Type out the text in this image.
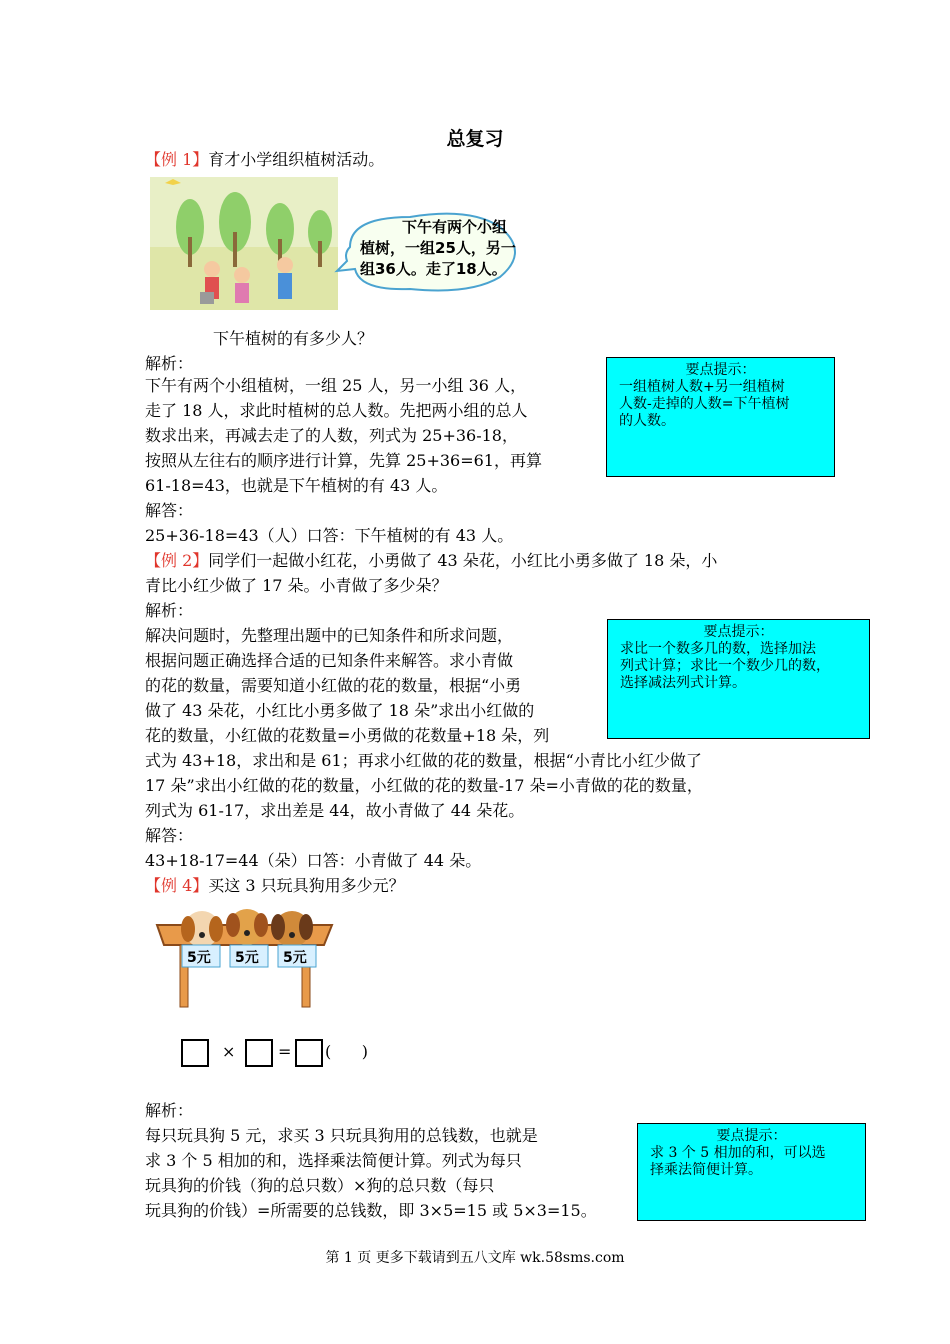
总复习
【例 1】育才小学组织植树活动。
下午有两个小组
植树，一组25人，另一
组36人。走了18人。
下午植树的有多少人？
解析：
下午有两个小组植树，一组 25 人，另一小组 36 人，
走了 18 人，求此时植树的总人数。先把两小组的总人
数求出来，再减去走了的人数，列式为 25+36-18，
按照从左往右的顺序进行计算，先算 25+36=61，再算
61-18=43，也就是下午植树的有 43 人。
解答：
25+36-18=43（人）口答：下午植树的有 43 人。
要点提示：
一组植树人数+另一组植树
人数-走掉的人数=下午植树
的人数。
【例 2】同学们一起做小红花，小勇做了 43 朵花，小红比小勇多做了 18 朵，小
青比小红少做了 17 朵。小青做了多少朵？
解析：
解决问题时，先整理出题中的已知条件和所求问题，
根据问题正确选择合适的已知条件来解答。求小青做
的花的数量，需要知道小红做的花的数量，根据“小勇
做了 43 朵花，小红比小勇多做了 18 朵”求出小红做的
花的数量，小红做的花数量=小勇做的花数量+18 朵，列
式为 43+18，求出和是 61；再求小红做的花的数量，根据“小青比小红少做了
17 朵”求出小红做的花的数量，小红做的花的数量-17 朵=小青做的花的数量，
列式为 61-17，求出差是 44，故小青做了 44 朵花。
解答：
43+18-17=44（朵）口答：小青做了 44 朵。
要点提示：
求比一个数多几的数，选择加法
列式计算；求比一个数少几的数，
选择减法列式计算。
【例 4】买这 3 只玩具狗用多少元？
5元 5元 5元
×	= (      )
解析：
每只玩具狗 5 元，求买 3 只玩具狗用的总钱数，也就是
求 3 个 5 相加的和，选择乘法简便计算。列式为每只
玩具狗的价钱（狗的总只数）×狗的总只数（每只
玩具狗的价钱）=所需要的总钱数，即 3×5=15 或 5×3=15。
要点提示：
求 3 个 5 相加的和，可以选
择乘法简便计算。
第 1 页 更多下载请到五八文库 wk.58sms.com
